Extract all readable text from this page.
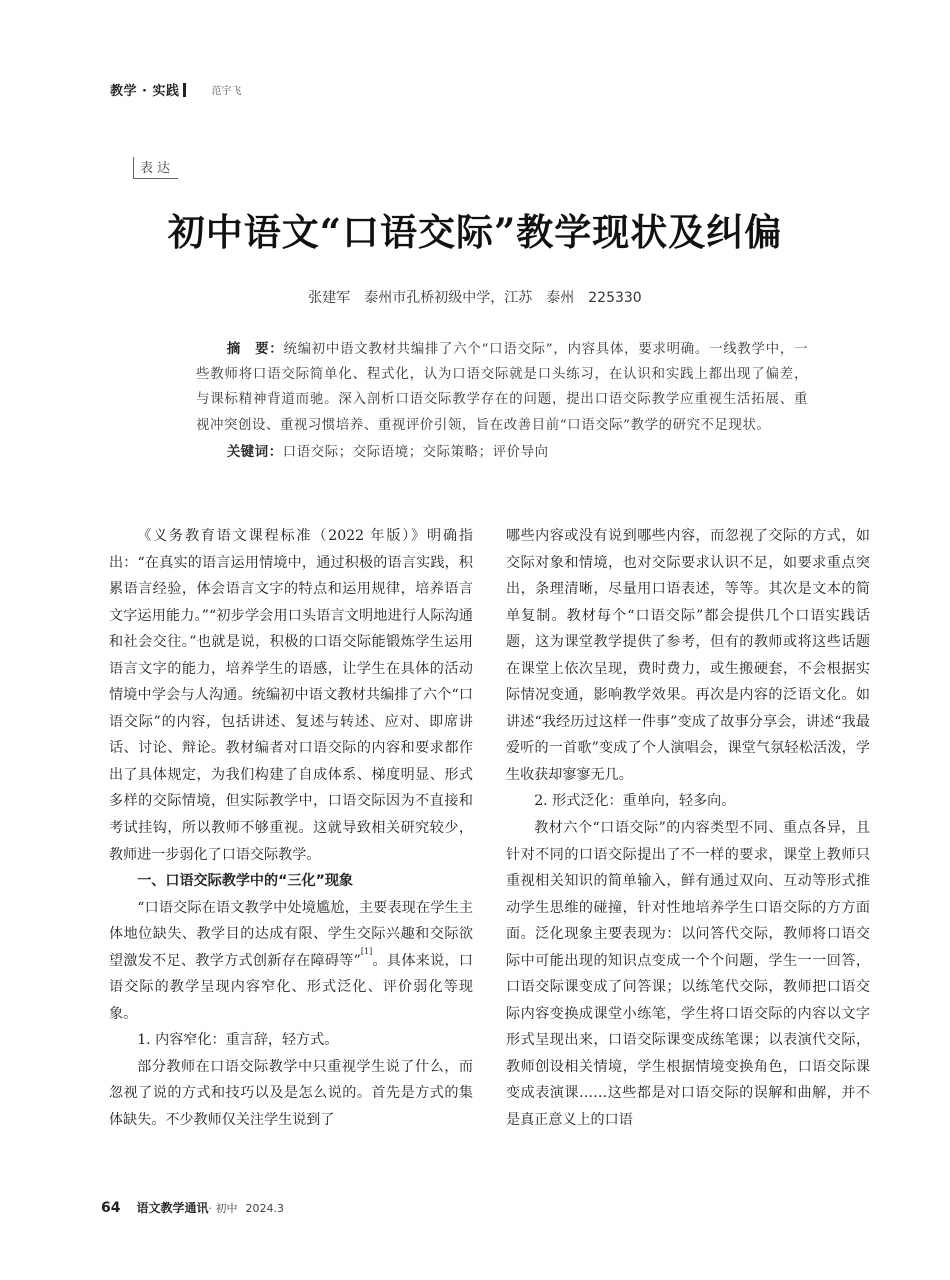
教学 · 实践	范宇飞
表达
初中语文“口语交际”教学现状及纠偏
张建军　泰州市孔桥初级中学，江苏　泰州　225330

摘　要：统编初中语文教材共编排了六个“口语交际”，内容具体，要求明确。一线教学中，一些教师将口语交际简单化、程式化，认为口语交际就是口头练习，在认识和实践上都出现了偏差，与课标精神背道而驰。深入剖析口语交际教学存在的问题，提出口语交际教学应重视生活拓展、重视冲突创设、重视习惯培养、重视评价引领，旨在改善目前“口语交际”教学的研究不足现状。

关键词：口语交际；交际语境；交际策略；评价导向

《义务教育语文课程标准（2022 年版）》明确指出：“在真实的语言运用情境中，通过积极的语言实践，积累语言经验，体会语言文字的特点和运用规律，培养语言文字运用能力。”“初步学会用口头语言文明地进行人际沟通和社会交往。”也就是说，积极的口语交际能锻炼学生运用语言文字的能力，培养学生的语感，让学生在具体的活动情境中学会与人沟通。统编初中语文教材共编排了六个“口语交际”的内容，包括讲述、复述与转述、应对、即席讲话、讨论、辩论。教材编者对口语交际的内容和要求都作出了具体规定，为我们构建了自成体系、梯度明显、形式多样的交际情境，但实际教学中，口语交际因为不直接和考试挂钩，所以教师不够重视。这就导致相关研究较少，教师进一步弱化了口语交际教学。

一、口语交际教学中的“三化”现象

“口语交际在语文教学中处境尴尬，主要表现在学生主体地位缺失、教学目的达成有限、学生交际兴趣和交际欲望激发不足、教学方式创新存在障碍等”[1]。具体来说，口语交际的教学呈现内容窄化、形式泛化、评价弱化等现象。

1. 内容窄化：重言辞，轻方式。

部分教师在口语交际教学中只重视学生说了什么，而忽视了说的方式和技巧以及是怎么说的。首先是方式的集体缺失。不少教师仅关注学生说到了

哪些内容或没有说到哪些内容，而忽视了交际的方式，如交际对象和情境，也对交际要求认识不足，如要求重点突出，条理清晰，尽量用口语表述，等等。其次是文本的简单复制。教材每个“口语交际”都会提供几个口语实践话题，这为课堂教学提供了参考，但有的教师或将这些话题在课堂上依次呈现，费时费力，或生搬硬套，不会根据实际情况变通，影响教学效果。再次是内容的泛语文化。如讲述“我经历过这样一件事”变成了故事分享会，讲述“我最爱听的一首歌”变成了个人演唱会，课堂气氛轻松活泼，学生收获却寥寥无几。

2. 形式泛化：重单向，轻多向。

教材六个“口语交际”的内容类型不同、重点各异，且针对不同的口语交际提出了不一样的要求，课堂上教师只重视相关知识的简单输入，鲜有通过双向、互动等形式推动学生思维的碰撞，针对性地培养学生口语交际的方方面面。泛化现象主要表现为：以问答代交际，教师将口语交际中可能出现的知识点变成一个个问题，学生一一回答，口语交际课变成了问答课；以练笔代交际，教师把口语交际内容变换成课堂小练笔，学生将口语交际的内容以文字形式呈现出来，口语交际课变成练笔课；以表演代交际，教师创设相关情境，学生根据情境变换角色，口语交际课变成表演课……这些都是对口语交际的误解和曲解，并不是真正意义上的口语

64 语文教学通讯 · 初中 2024.3
